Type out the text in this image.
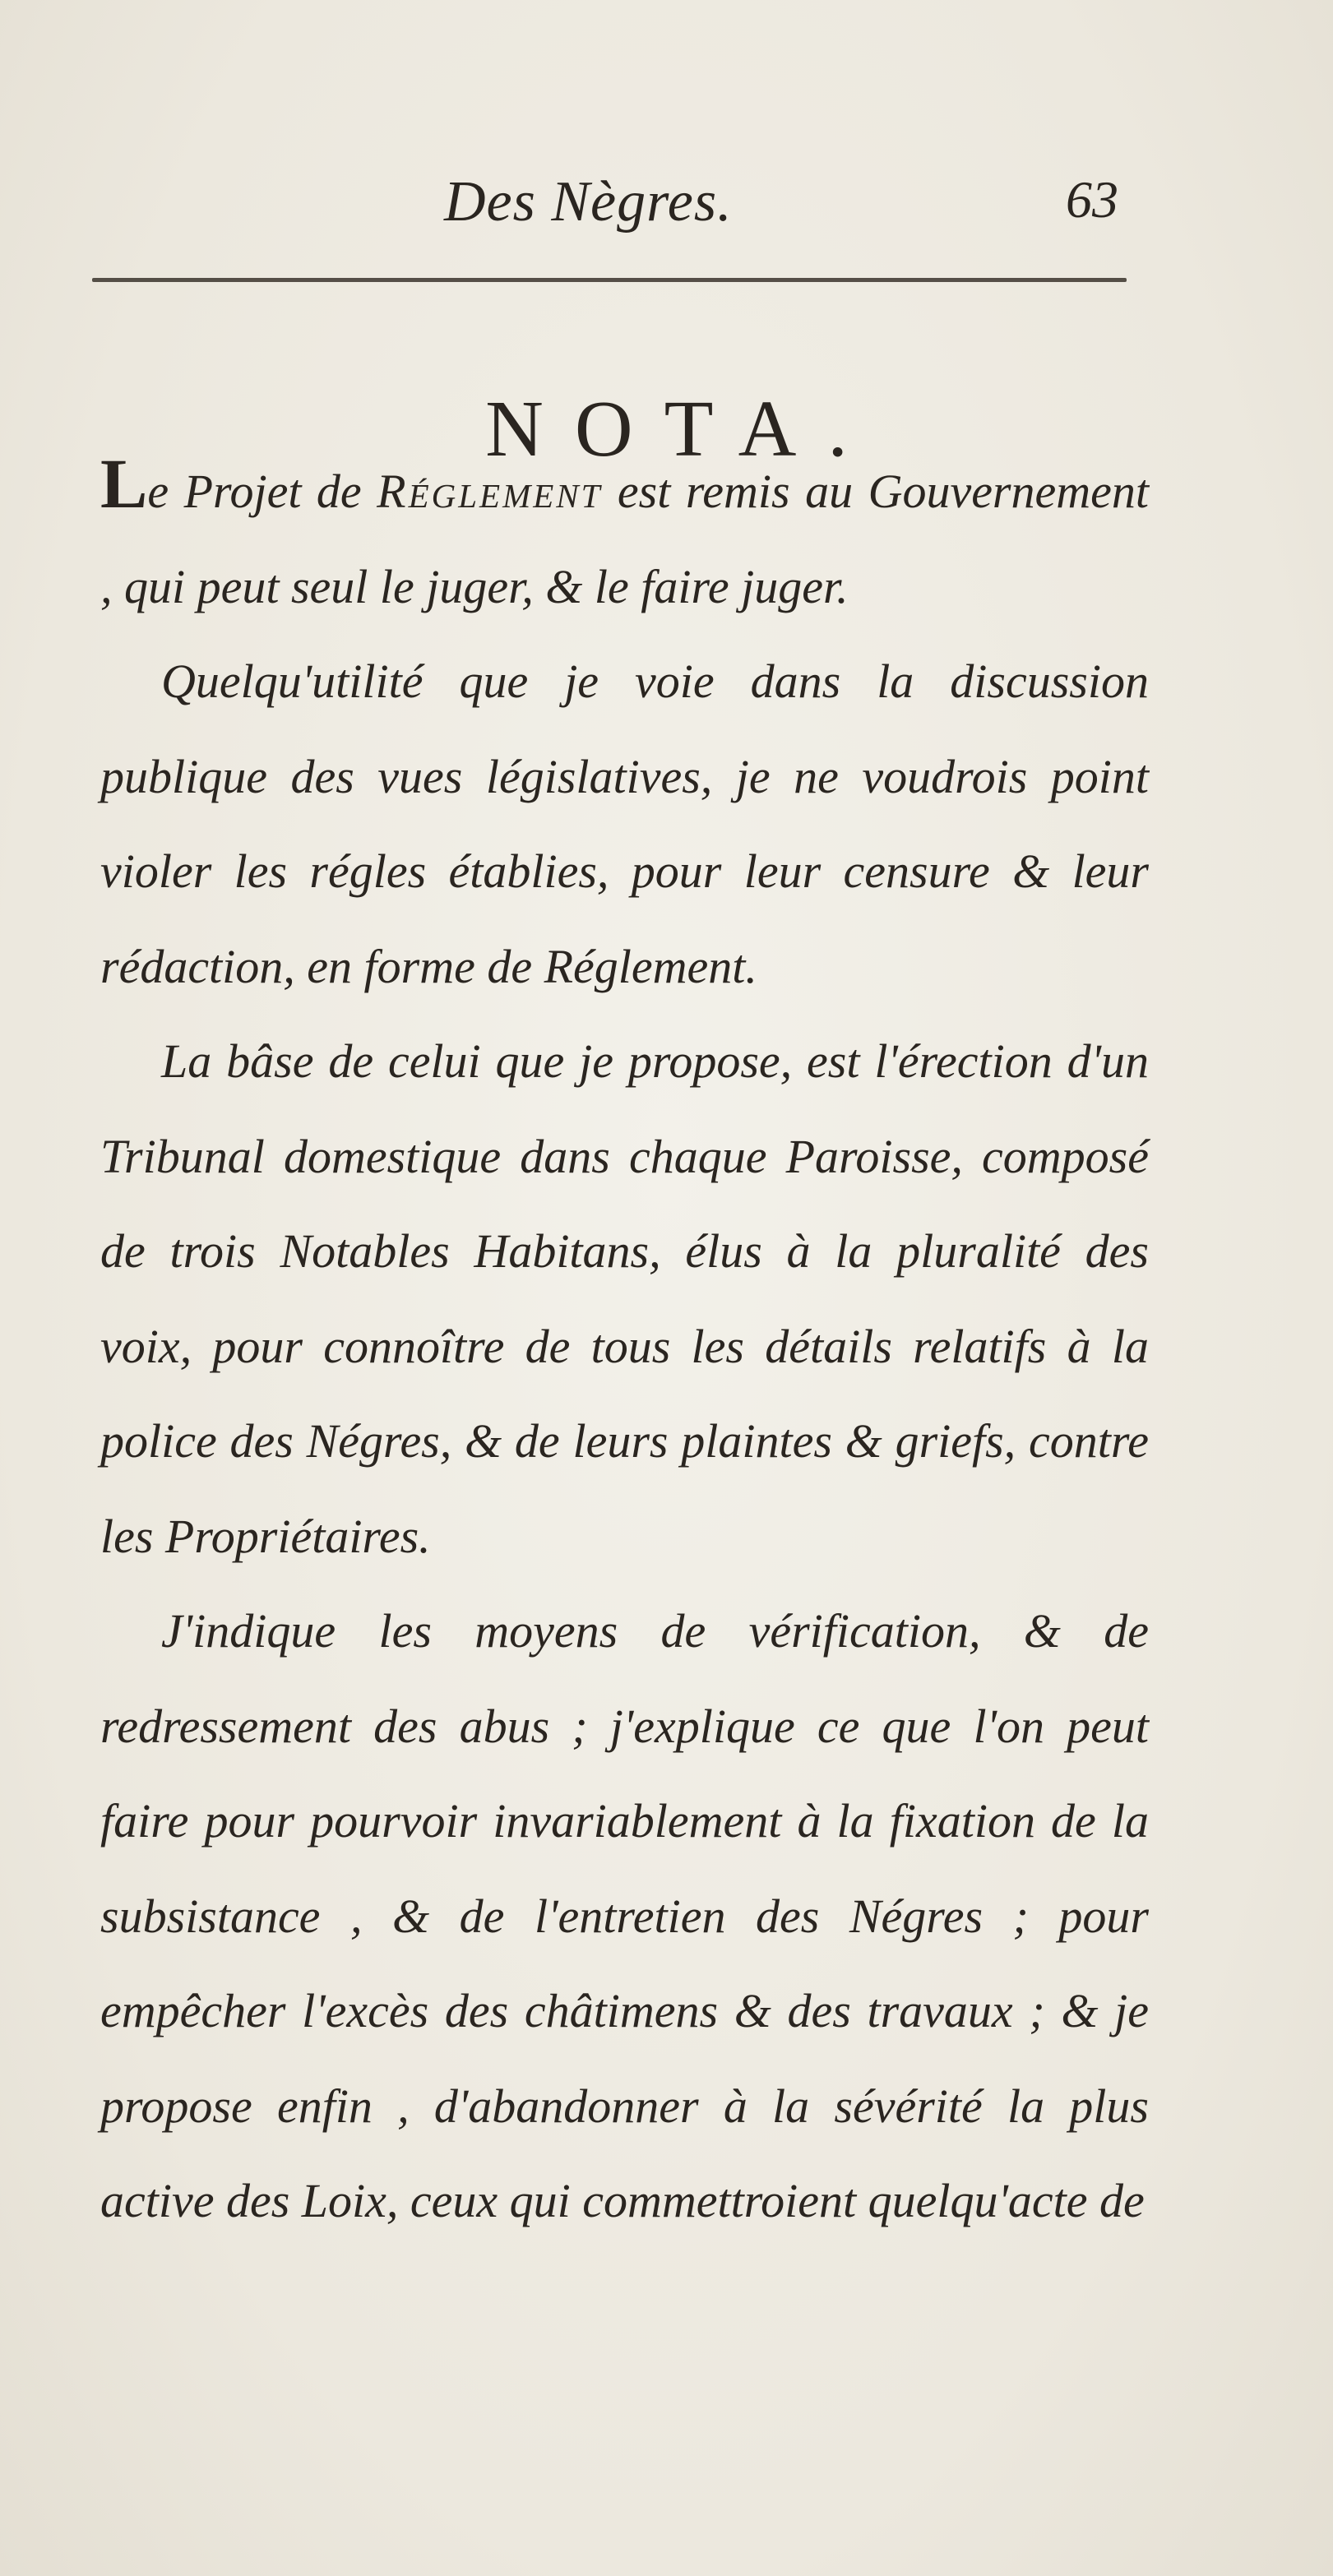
Des Nègres.	63
NOTA.

Le Projet de Réglement est remis au Gouvernement , qui peut seul le juger, & le faire juger.

Quelqu'utilité que je voie dans la discussion publique des vues législatives, je ne voudrois point violer les régles établies, pour leur censure & leur rédaction, en forme de Réglement.

La bâse de celui que je propose, est l'érection d'un Tribunal domestique dans chaque Paroisse, composé de trois Notables Habitans, élus à la pluralité des voix, pour connoître de tous les détails relatifs à la police des Négres, & de leurs plaintes & griefs, contre les Propriétaires.

J'indique les moyens de vérification, & de redressement des abus ; j'explique ce que l'on peut faire pour pourvoir invariablement à la fixation de la subsistance , & de l'entretien des Négres ; pour empêcher l'excès des châtimens & des travaux ; & je propose enfin , d'abandonner à la sévérité la plus active des Loix, ceux qui commettroient quelqu'acte de
